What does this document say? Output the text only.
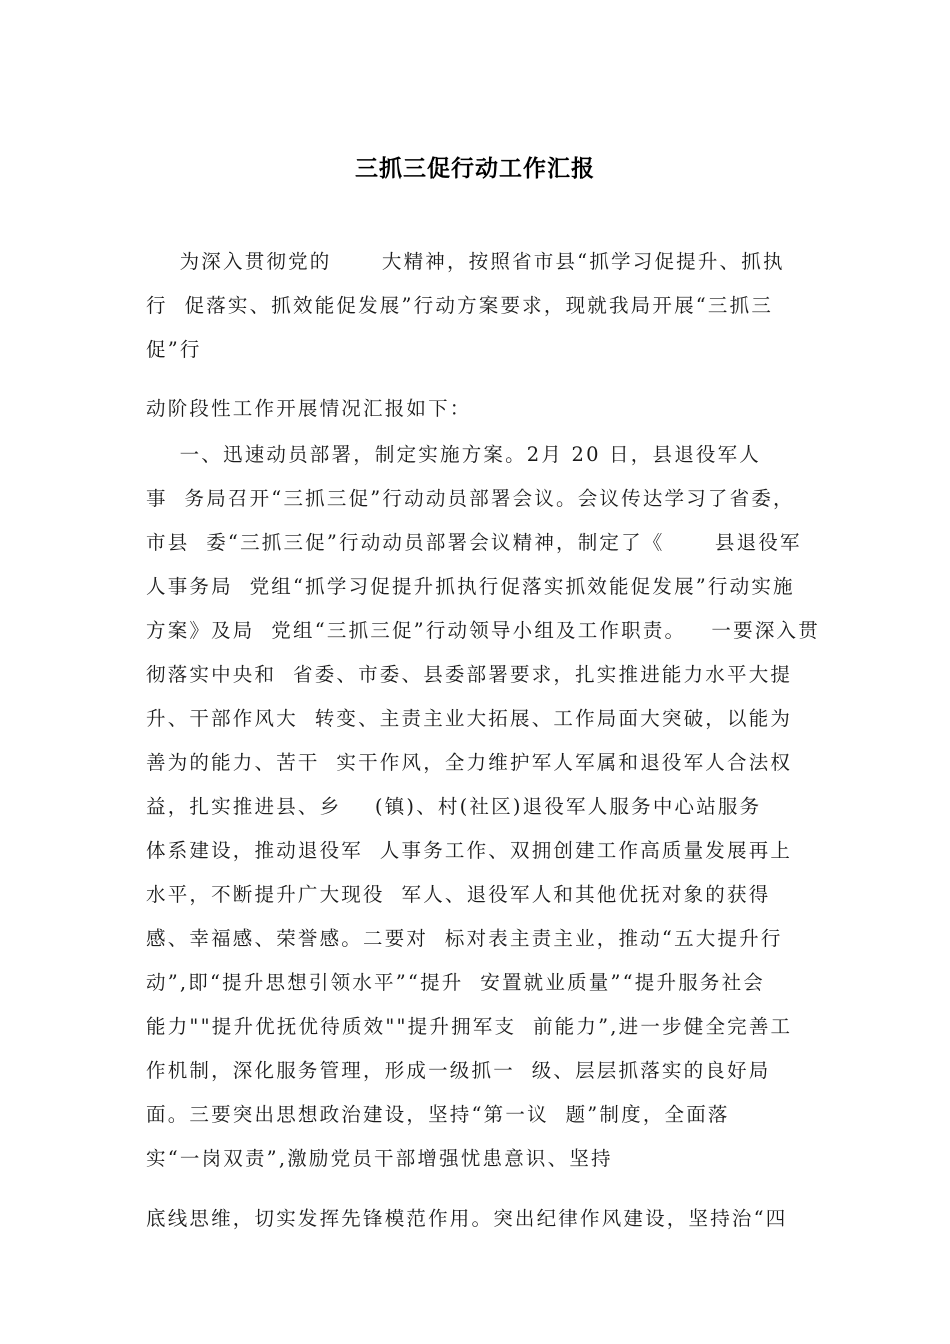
三抓三促行动工作汇报
为深入贯彻党的      大精神，按照省市县“抓学习促提升、抓执
行  促落实、抓效能促发展”行动方案要求，现就我局开展“三抓三
促”行
动阶段性工作开展情况汇报如下：
一、迅速动员部署，制定实施方案。2月 20 日，县退役军人
事  务局召开“三抓三促”行动动员部署会议。会议传达学习了省委，
市县  委“三抓三促”行动动员部署会议精神，制定了《      县退役军
人事务局  党组“抓学习促提升抓执行促落实抓效能促发展”行动实施
方案》及局  党组“三抓三促”行动领导小组及工作职责。   一要深入贯
彻落实中央和  省委、市委、县委部署要求，扎实推进能力水平大提
升、干部作风大  转变、主责主业大拓展、工作局面大突破，以能为
善为的能力、苦干  实干作风，全力维护军人军属和退役军人合法权
益，扎实推进县、乡    (镇)、村(社区)退役军人服务中心站服务
体系建设，推动退役军  人事务工作、双拥创建工作高质量发展再上
水平，不断提升广大现役  军人、退役军人和其他优抚对象的获得
感、幸福感、荣誉感。二要对  标对表主责主业，推动“五大提升行
动”,即“提升思想引领水平”“提升  安置就业质量”“提升服务社会
能力""提升优抚优待质效""提升拥军支  前能力”,进一步健全完善工
作机制，深化服务管理，形成一级抓一  级、层层抓落实的良好局
面。三要突出思想政治建设，坚持“第一议  题”制度，全面落
实“一岗双责”,激励党员干部增强忧患意识、坚持
底线思维，切实发挥先锋模范作用。突出纪律作风建设，坚持治“四
